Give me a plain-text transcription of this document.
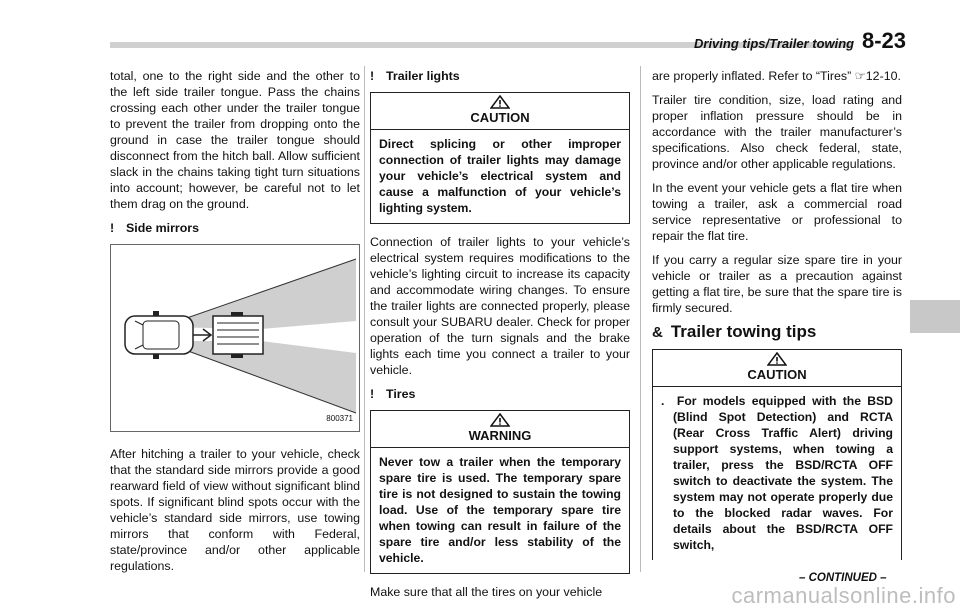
Driving tips/Trailer towing 8-23

total, one to the right side and the other to the left side trailer tongue. Pass the chains crossing each other under the trailer tongue to prevent the trailer from dropping onto the ground in case the trailer tongue should disconnect from the hitch ball. Allow sufficient slack in the chains taking tight turn situations into account; however, be careful not to let them drag on the ground.

! Side mirrors
800371

After hitching a trailer to your vehicle, check that the standard side mirrors provide a good rearward field of view without significant blind spots. If significant blind spots occur with the vehicle’s standard side mirrors, use towing mirrors that conform with Federal, state/province and/or other applicable regulations.

! Trailer lights
CAUTION
Direct splicing or other improper connection of trailer lights may damage your vehicle’s electrical system and cause a malfunction of your vehicle’s lighting system.

Connection of trailer lights to your vehicle’s electrical system requires modifications to the vehicle’s lighting circuit to increase its capacity and accommodate wiring changes. To ensure the trailer lights are connected properly, please consult your SUBARU dealer. Check for proper operation of the turn signals and the brake lights each time you connect a trailer to your vehicle.

! Tires
WARNING
Never tow a trailer when the temporary spare tire is used. The temporary spare tire is not designed to sustain the towing load. Use of the temporary spare tire when towing can result in failure of the spare tire and/or less stability of the vehicle.

Make sure that all the tires on your vehicle

are properly inflated. Refer to “Tires” ☞12-10.

Trailer tire condition, size, load rating and proper inflation pressure should be in accordance with the trailer manufacturer’s specifications. Also check federal, state, province and/or other applicable regulations.

In the event your vehicle gets a flat tire when towing a trailer, ask a commercial road service representative or professional to repair the flat tire.

If you carry a regular size spare tire in your vehicle or trailer as a precaution against getting a flat tire, be sure that the spare tire is firmly secured.

& Trailer towing tips
CAUTION
. For models equipped with the BSD (Blind Spot Detection) and RCTA (Rear Cross Traffic Alert) driving support systems, when towing a trailer, press the BSD/RCTA OFF switch to deactivate the system. The system may not operate properly due to the blocked radar waves. For details about the BSD/RCTA OFF switch,
– CONTINUED –
carmanualsonline.info
